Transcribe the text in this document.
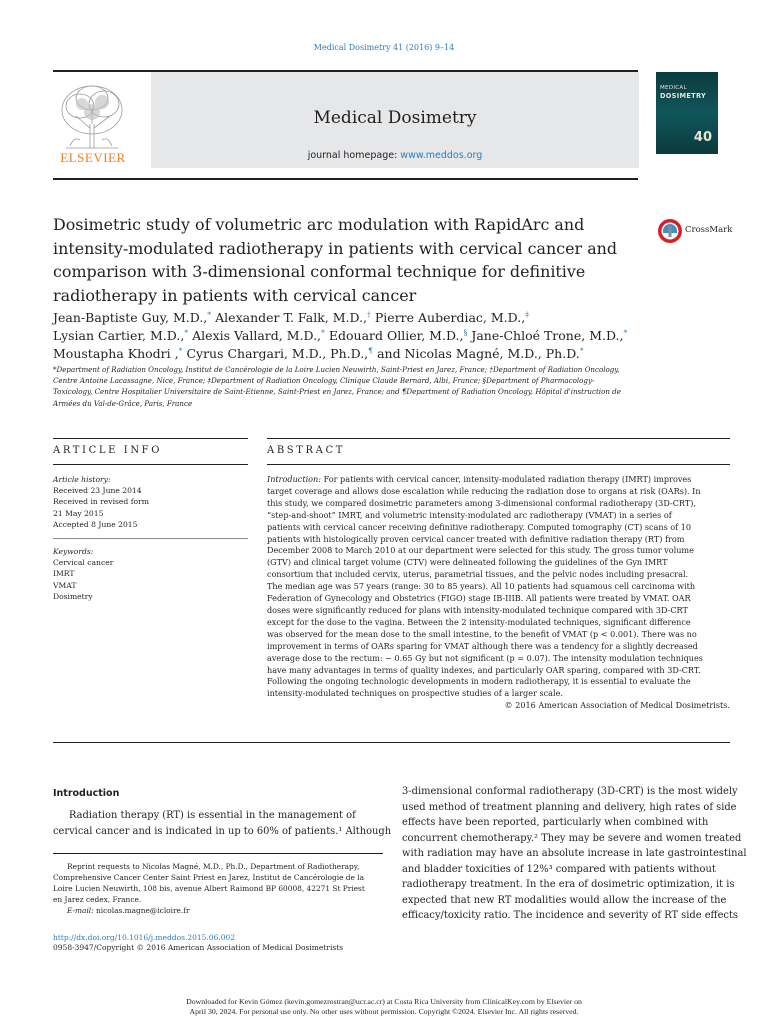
Medical Dosimetry 41 (2016) 9–14
ELSEVIER
Medical Dosimetry
journal homepage: www.meddos.org
MEDICAL
DOSIMETRY
40
Dosimetric study of volumetric arc modulation with RapidArc and
intensity-modulated radiotherapy in patients with cervical cancer and
comparison with 3-dimensional conformal technique for definitive
radiotherapy in patients with cervical cancer
CrossMark
Jean-Baptiste Guy, M.D.,* Alexander T. Falk, M.D.,† Pierre Auberdiac, M.D.,‡
Lysian Cartier, M.D.,* Alexis Vallard, M.D.,* Edouard Ollier, M.D.,§ Jane-Chloé Trone, M.D.,*
Moustapha Khodri ,* Cyrus Chargari, M.D., Ph.D.,¶ and Nicolas Magné, M.D., Ph.D.*
*Department of Radiation Oncology, Institut de Cancérologie de la Loire Lucien Neuwirth, Saint-Priest en Jarez, France; †Department of Radiation Oncology,
Centre Antoine Lacassagne, Nice, France; ‡Department of Radiation Oncology, Clinique Claude Bernard, Albi, France; §Department of Pharmacology-
Toxicology, Centre Hospitalier Universitaire de Saint-Etienne, Saint-Priest en Jarez, France; and ¶Department of Radiation Oncology, Hôpital d'instruction de
Armées du Val-de-Grâce, Paris, France
ARTICLE INFO	ABSTRACT
Article history:
Received 23 June 2014
Received in revised form
21 May 2015
Accepted 8 June 2015
Keywords:
Cervical cancer
IMRT
VMAT
Dosimetry
Introduction: For patients with cervical cancer, intensity-modulated radiation therapy (IMRT) improves
target coverage and allows dose escalation while reducing the radiation dose to organs at risk (OARs). In
this study, we compared dosimetric parameters among 3-dimensional conformal radiotherapy (3D-CRT),
“step-and-shoot” IMRT, and volumetric intensity-modulated arc radiotherapy (VMAT) in a series of
patients with cervical cancer receiving definitive radiotherapy. Computed tomography (CT) scans of 10
patients with histologically proven cervical cancer treated with definitive radiation therapy (RT) from
December 2008 to March 2010 at our department were selected for this study. The gross tumor volume
(GTV) and clinical target volume (CTV) were delineated following the guidelines of the Gyn IMRT
consortium that included cervix, uterus, parametrial tissues, and the pelvic nodes including presacral.
The median age was 57 years (range: 30 to 85 years). All 10 patients had squamous cell carcinoma with
Federation of Gynecology and Obstetrics (FIGO) stage IB-IIIB. All patients were treated by VMAT. OAR
doses were significantly reduced for plans with intensity-modulated technique compared with 3D-CRT
except for the dose to the vagina. Between the 2 intensity-modulated techniques, significant difference
was observed for the mean dose to the small intestine, to the benefit of VMAT (p < 0.001). There was no
improvement in terms of OARs sparing for VMAT although there was a tendency for a slightly decreased
average dose to the rectum: − 0.65 Gy but not significant (p = 0.07). The intensity modulation techniques
have many advantages in terms of quality indexes, and particularly OAR sparing, compared with 3D-CRT.
Following the ongoing technologic developments in modern radiotherapy, it is essential to evaluate the
intensity-modulated techniques on prospective studies of a larger scale.
© 2016 American Association of Medical Dosimetrists.
Introduction
Radiation therapy (RT) is essential in the management of
cervical cancer and is indicated in up to 60% of patients.¹ Although
3-dimensional conformal radiotherapy (3D-CRT) is the most widely
used method of treatment planning and delivery, high rates of side
effects have been reported, particularly when combined with
concurrent chemotherapy.² They may be severe and women treated
with radiation may have an absolute increase in late gastrointestinal
and bladder toxicities of 12%³ compared with patients without
radiotherapy treatment. In the era of dosimetric optimization, it is
expected that new RT modalities would allow the increase of the
efficacy/toxicity ratio. The incidence and severity of RT side effects
Reprint requests to Nicolas Magné, M.D., Ph.D., Department of Radiotherapy,
Comprehensive Cancer Center Saint Priest en Jarez, Institut de Cancérologie de la
Loire Lucien Neuwirth, 108 bis, avenue Albert Raimond BP 60008, 42271 St Priest
en Jarez cedex, France.
E-mail: nicolas.magne@icloire.fr
http://dx.doi.org/10.1016/j.meddos.2015.06.002
0958-3947/Copyright © 2016 American Association of Medical Dosimetrists
Downloaded for Kevin Gómez (kevin.gomezrostran@ucr.ac.cr) at Costa Rica University from ClinicalKey.com by Elsevier on
April 30, 2024. For personal use only. No other uses without permission. Copyright ©2024. Elsevier Inc. All rights reserved.
